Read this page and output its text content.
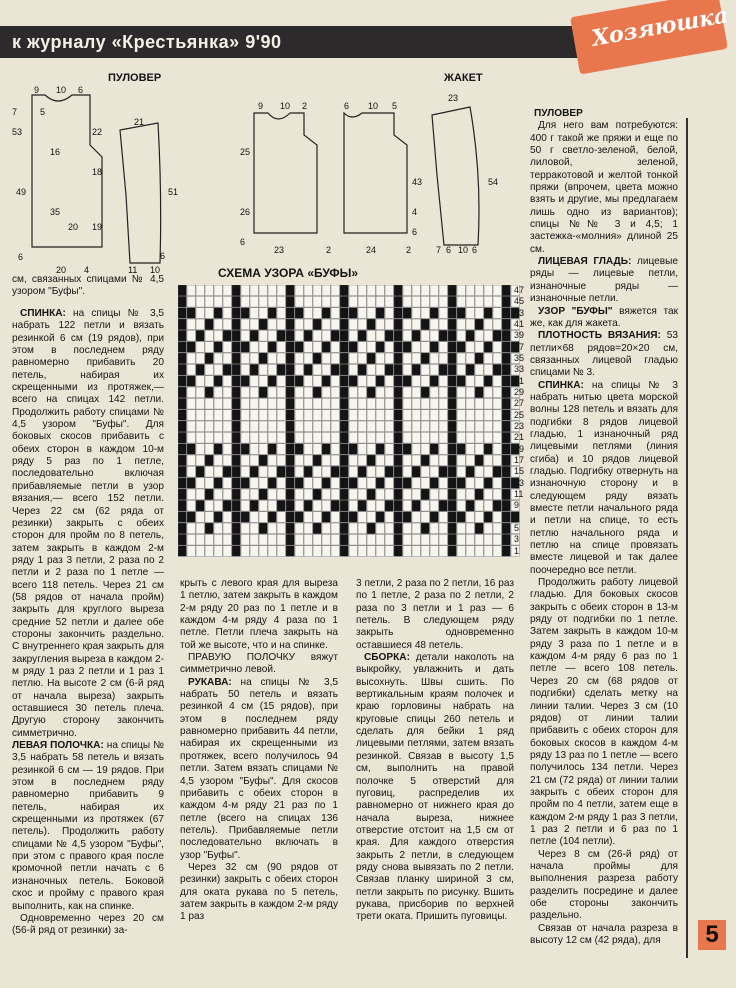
к журналу «Крестьянка» 9'90	Хозяюшка
ПУЛОВЕР	ЖАКЕТ
9 10 6
7	5
53	22
16
49
18
35
20 19
20 4
6
21
51
11 10
6
9 10 2
25
26
23
6
6 10 5
43
2	24	2
4
6
23
54
7 6 10 6
СХЕМА УЗОРА «БУФЫ»
47
45
43
41
39
37
35
33
31
29
27
25
23
21
19
17
15
13
11
9
7
5
3
1

см, связанных спицами № 4,5 узором "Буфы".

СПИНКА: на спицы № 3,5 набрать 122 петли и вязать резинкой 6 см (19 рядов), при этом в последнем ряду равномерно прибавить 20 петель, набирая их скрещенными из протяжек,— всего на спицах 142 петли. Продолжить работу спицами № 4,5 узором "Буфы". Для боковых скосов прибавить с обеих сторон в каждом 10-м ряду 5 раз по 1 петле, последовательно включая прибавляемые петли в узор вязания,— всего 152 петли. Через 22 см (62 ряда от резинки) закрыть с обеих сторон для пройм по 8 петель, затем закрыть в каждом 2-м ряду 1 раз 3 петли, 2 раза по 2 петли и 2 раза по 1 петле — всего 118 петель. Через 21 см (58 рядов от начала пройм) закрыть для круглого выреза средние 52 петли и далее обе стороны закончить раздельно. С внутреннего края закрыть для закругления выреза в каждом 2-м ряду 1 раз 2 петли и 1 раз 1 петлю. На высоте 2 см (6-й ряд от начала выреза) закрыть оставшиеся 30 петель плеча. Другую сторону закончить симметрично.

ЛЕВАЯ ПОЛОЧКА: на спицы № 3,5 набрать 58 петель и вязать резинкой 6 см — 19 рядов. При этом в последнем ряду равномерно прибавить 9 петель, набирая их скрещенными из протяжек (67 петель). Продолжить работу спицами № 4,5 узором "Буфы", при этом с правого края после кромочной петли начать с 6 изнаночных петель. Боковой скос и пройму с правого края выполнить, как на спинке.

Одновременно через 20 см (56-й ряд от резинки) за-

крыть с левого края для выреза 1 петлю, затем закрыть в каждом 2-м ряду 20 раз по 1 петле и в каждом 4-м ряду 4 раза по 1 петле. Петли плеча закрыть на той же высоте, что и на спинке.

ПРАВУЮ ПОЛОЧКУ вяжут симметрично левой.

РУКАВА: на спицы № 3,5 набрать 50 петель и вязать резинкой 4 см (15 рядов), при этом в последнем ряду равномерно прибавить 44 петли, набирая их скрещенными из протяжек, всего получилось 94 петли. Затем вязать спицами № 4,5 узором "Буфы". Для скосов прибавить с обеих сторон в каждом 4-м ряду 21 раз по 1 петле (всего на спицах 136 петель). Прибавляемые петли последовательно включать в узор "Буфы".

Через 32 см (90 рядов от резинки) закрыть с обеих сторон для оката рукава по 5 петель, затем закрыть в каждом 2-м ряду 1 раз

3 петли, 2 раза по 2 петли, 16 раз по 1 петле, 2 раза по 2 петли, 2 раза по 3 петли и 1 раз — 6 петель. В следующем ряду закрыть одновременно оставшиеся 48 петель.

СБОРКА: детали наколоть на выкройку, увлажнить и дать высохнуть. Швы сшить. По вертикальным краям полочек и краю горловины набрать на круговые спицы 260 петель и сделать для бейки 1 ряд лицевыми петлями, затем вязать резинкой. Связав в высоту 1,5 см, выполнить на правой полочке 5 отверстий для пуговиц, распределив их равномерно от нижнего края до начала выреза, нижнее отверстие отстоит на 1,5 см от края. Для каждого отверстия закрыть 2 петли, в следующем ряду снова вывязать по 2 петли. Связав планку шириной 3 см, петли закрыть по рисунку. Вшить рукава, присборив по верхней трети оката. Пришить пуговицы.

ПУЛОВЕР

Для него вам потребуются: 400 г такой же пряжи и еще по 50 г светло-зеленой, белой, лиловой, зеленой, терракотовой и желтой тонкой пряжи (впрочем, цвета можно взять и другие, мы предлагаем лишь одно из вариантов); спицы №№ 3 и 4,5; 1 застежка-«молния» длиной 25 см.

ЛИЦЕВАЯ ГЛАДЬ: лицевые ряды — лицевые петли, изнаночные ряды — изнаночные петли.

УЗОР "БУФЫ" вяжется так же, как для жакета.

ПЛОТНОСТЬ ВЯЗАНИЯ: 53 петли×68 рядов=20×20 см, связанных лицевой гладью спицами № 3.

СПИНКА: на спицы № 3 набрать нитью цвета морской волны 128 петель и вязать для подгибки 8 рядов лицевой гладью, 1 изнаночный ряд лицевыми петлями (линия сгиба) и 10 рядов лицевой гладью. Подгибку отвернуть на изнаночную сторону и в следующем ряду вязать вместе петли начального ряда и петли на спице, то есть петлю начального ряда и петлю на спице провязать вместе лицевой и так далее поочередно все петли.

Продолжить работу лицевой гладью. Для боковых скосов закрыть с обеих сторон в 13-м ряду от подгибки по 1 петле. Затем закрыть в каждом 10-м ряду 3 раза по 1 петле и в каждом 4-м ряду 6 раз по 1 петле — всего 108 петель. Через 20 см (68 рядов от подгибки) сделать метку на линии талии. Через 3 см (10 рядов) от линии талии прибавить с обеих сторон для боковых скосов в каждом 4-м ряду 13 раз по 1 петле — всего получилось 134 петли. Через 21 см (72 ряда) от линии талии закрыть с обеих сторон для пройм по 4 петли, затем еще в каждом 2-м ряду 1 раз 3 петли, 1 раз 2 петли и 6 раз по 1 петле (104 петли).

Через 8 см (26-й ряд) от начала проймы для выполнения разреза работу разделить посредине и далее обе стороны закончить раздельно.

Связав от начала разреза в высоту 12 см (42 ряда), для	5
